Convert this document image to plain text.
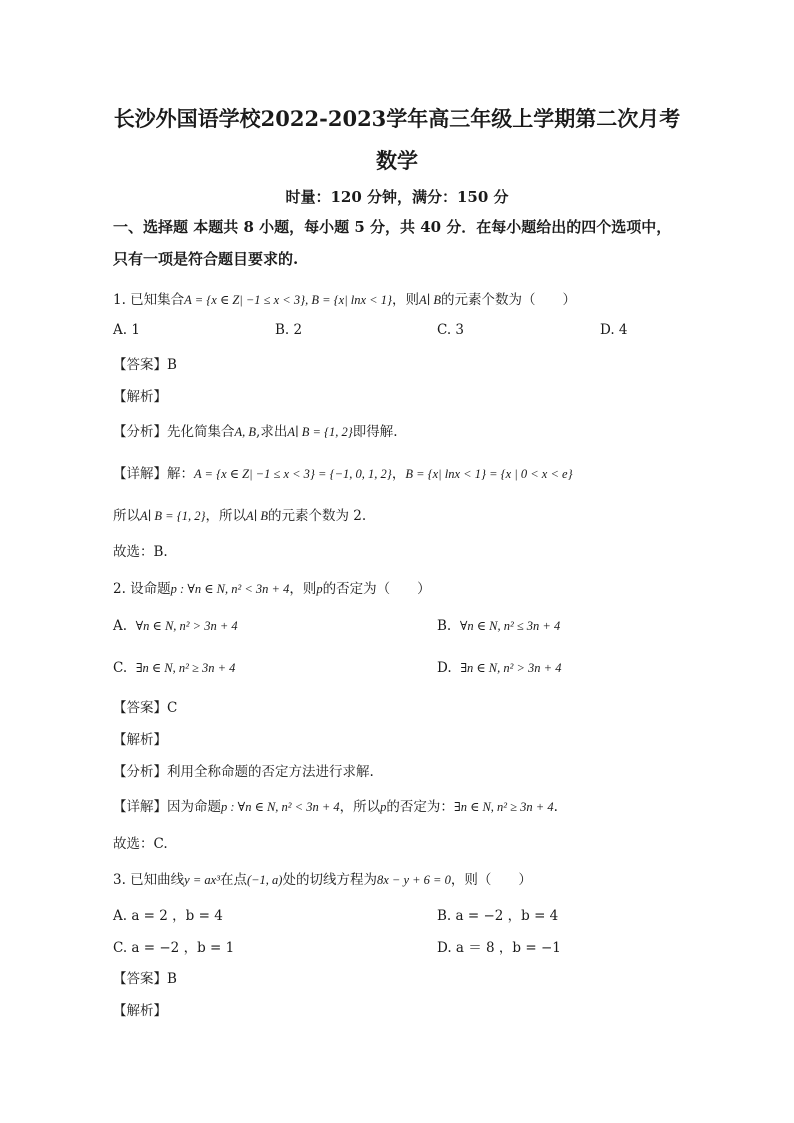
长沙外国语学校2022-2023学年高三年级上学期第二次月考
数学
时量：120 分钟，满分：150 分
一、选择题 本题共 8 小题，每小题 5 分，共 40 分．在每小题给出的四个选项中，
只有一项是符合题目要求的.
1. 已知集合A = {x ∈ Z| −1 ≤ x < 3}, B = {x| lnx < 1}，则A∣ B的元素个数为（　　）
A. 1	B. 2	C. 3	D. 4
【答案】B
【解析】
【分析】先化简集合A, B,求出A∣ B = {1, 2}即得解.
【详解】解：A = {x ∈ Z| −1 ≤ x < 3} = {−1, 0, 1, 2}，B = {x| lnx < 1} = {x | 0 < x < e}
所以A∣ B = {1, 2}，所以A∣ B的元素个数为 2.
故选：B.
2. 设命题p : ∀n ∈ N, n² < 3n + 4，则p的否定为（　　）
A. ∀n ∈ N, n² > 3n + 4	B. ∀n ∈ N, n² ≤ 3n + 4
C. ∃n ∈ N, n² ≥ 3n + 4	D. ∃n ∈ N, n² > 3n + 4
【答案】C
【解析】
【分析】利用全称命题的否定方法进行求解.
【详解】因为命题p : ∀n ∈ N, n² < 3n + 4，所以p的否定为：∃n ∈ N, n² ≥ 3n + 4.
故选：C.
3. 已知曲线y = ax³在点(−1, a)处的切线方程为8x − y + 6 = 0，则（　　）
A. a = 2 ，b = 4	B. a = −2 ，b = 4
C. a = −2 ，b = 1	D. a ＝ 8 ，b = −1
【答案】B
【解析】
